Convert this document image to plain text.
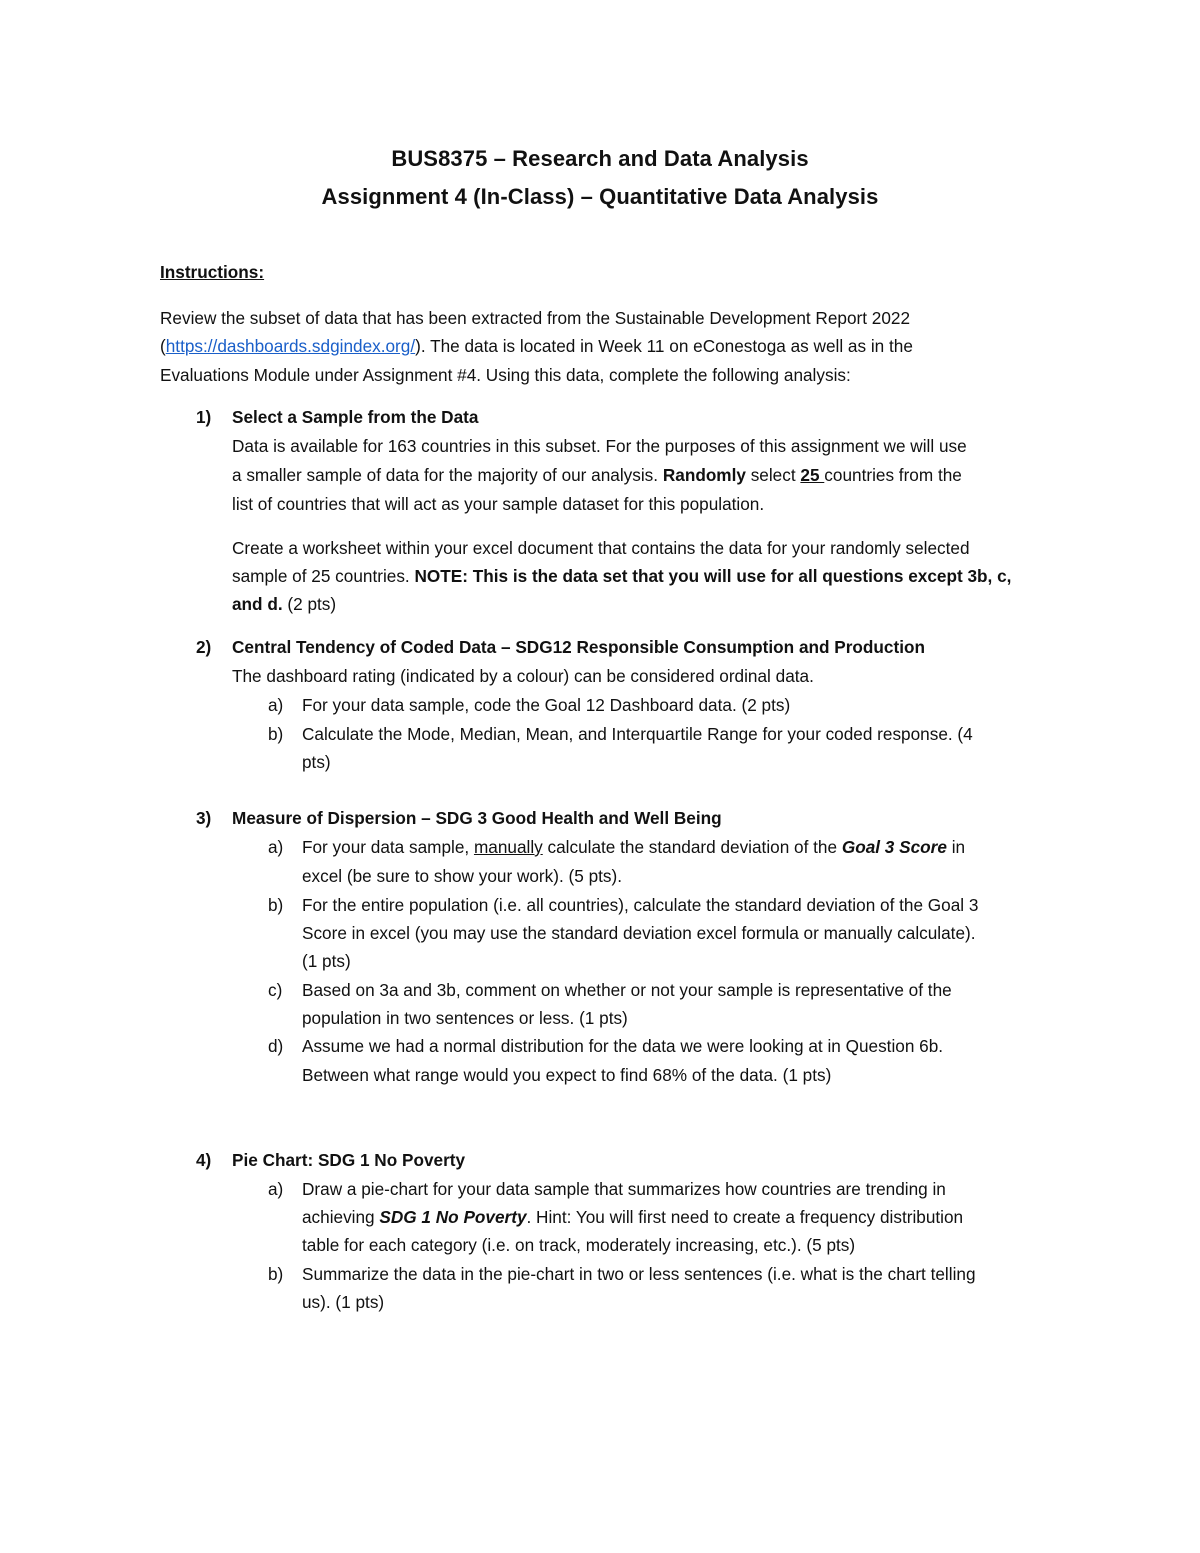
BUS8375 – Research and Data Analysis
Assignment 4 (In-Class) – Quantitative Data Analysis
Instructions:
Review the subset of data that has been extracted from the Sustainable Development Report 2022
(https://dashboards.sdgindex.org/). The data is located in Week 11 on eConestoga as well as in the
Evaluations Module under Assignment #4. Using this data, complete the following analysis:
1) Select a Sample from the Data
Data is available for 163 countries in this subset. For the purposes of this assignment we will use
a smaller sample of data for the majority of our analysis. Randomly select 25 countries from the
list of countries that will act as your sample dataset for this population.
Create a worksheet within your excel document that contains the data for your randomly selected
sample of 25 countries. NOTE: This is the data set that you will use for all questions except 3b, c,
and d. (2 pts)
2) Central Tendency of Coded Data – SDG12 Responsible Consumption and Production
The dashboard rating (indicated by a colour) can be considered ordinal data.
a) For your data sample, code the Goal 12 Dashboard data. (2 pts)
b) Calculate the Mode, Median, Mean, and Interquartile Range for your coded response. (4
pts)
3) Measure of Dispersion – SDG 3 Good Health and Well Being
a) For your data sample, manually calculate the standard deviation of the Goal 3 Score in
excel (be sure to show your work). (5 pts).
b) For the entire population (i.e. all countries), calculate the standard deviation of the Goal 3
Score in excel (you may use the standard deviation excel formula or manually calculate).
(1 pts)
c) Based on 3a and 3b, comment on whether or not your sample is representative of the
population in two sentences or less. (1 pts)
d) Assume we had a normal distribution for the data we were looking at in Question 6b.
Between what range would you expect to find 68% of the data. (1 pts)
4) Pie Chart: SDG 1 No Poverty
a) Draw a pie-chart for your data sample that summarizes how countries are trending in
achieving SDG 1 No Poverty. Hint: You will first need to create a frequency distribution
table for each category (i.e. on track, moderately increasing, etc.). (5 pts)
b) Summarize the data in the pie-chart in two or less sentences (i.e. what is the chart telling
us). (1 pts)
